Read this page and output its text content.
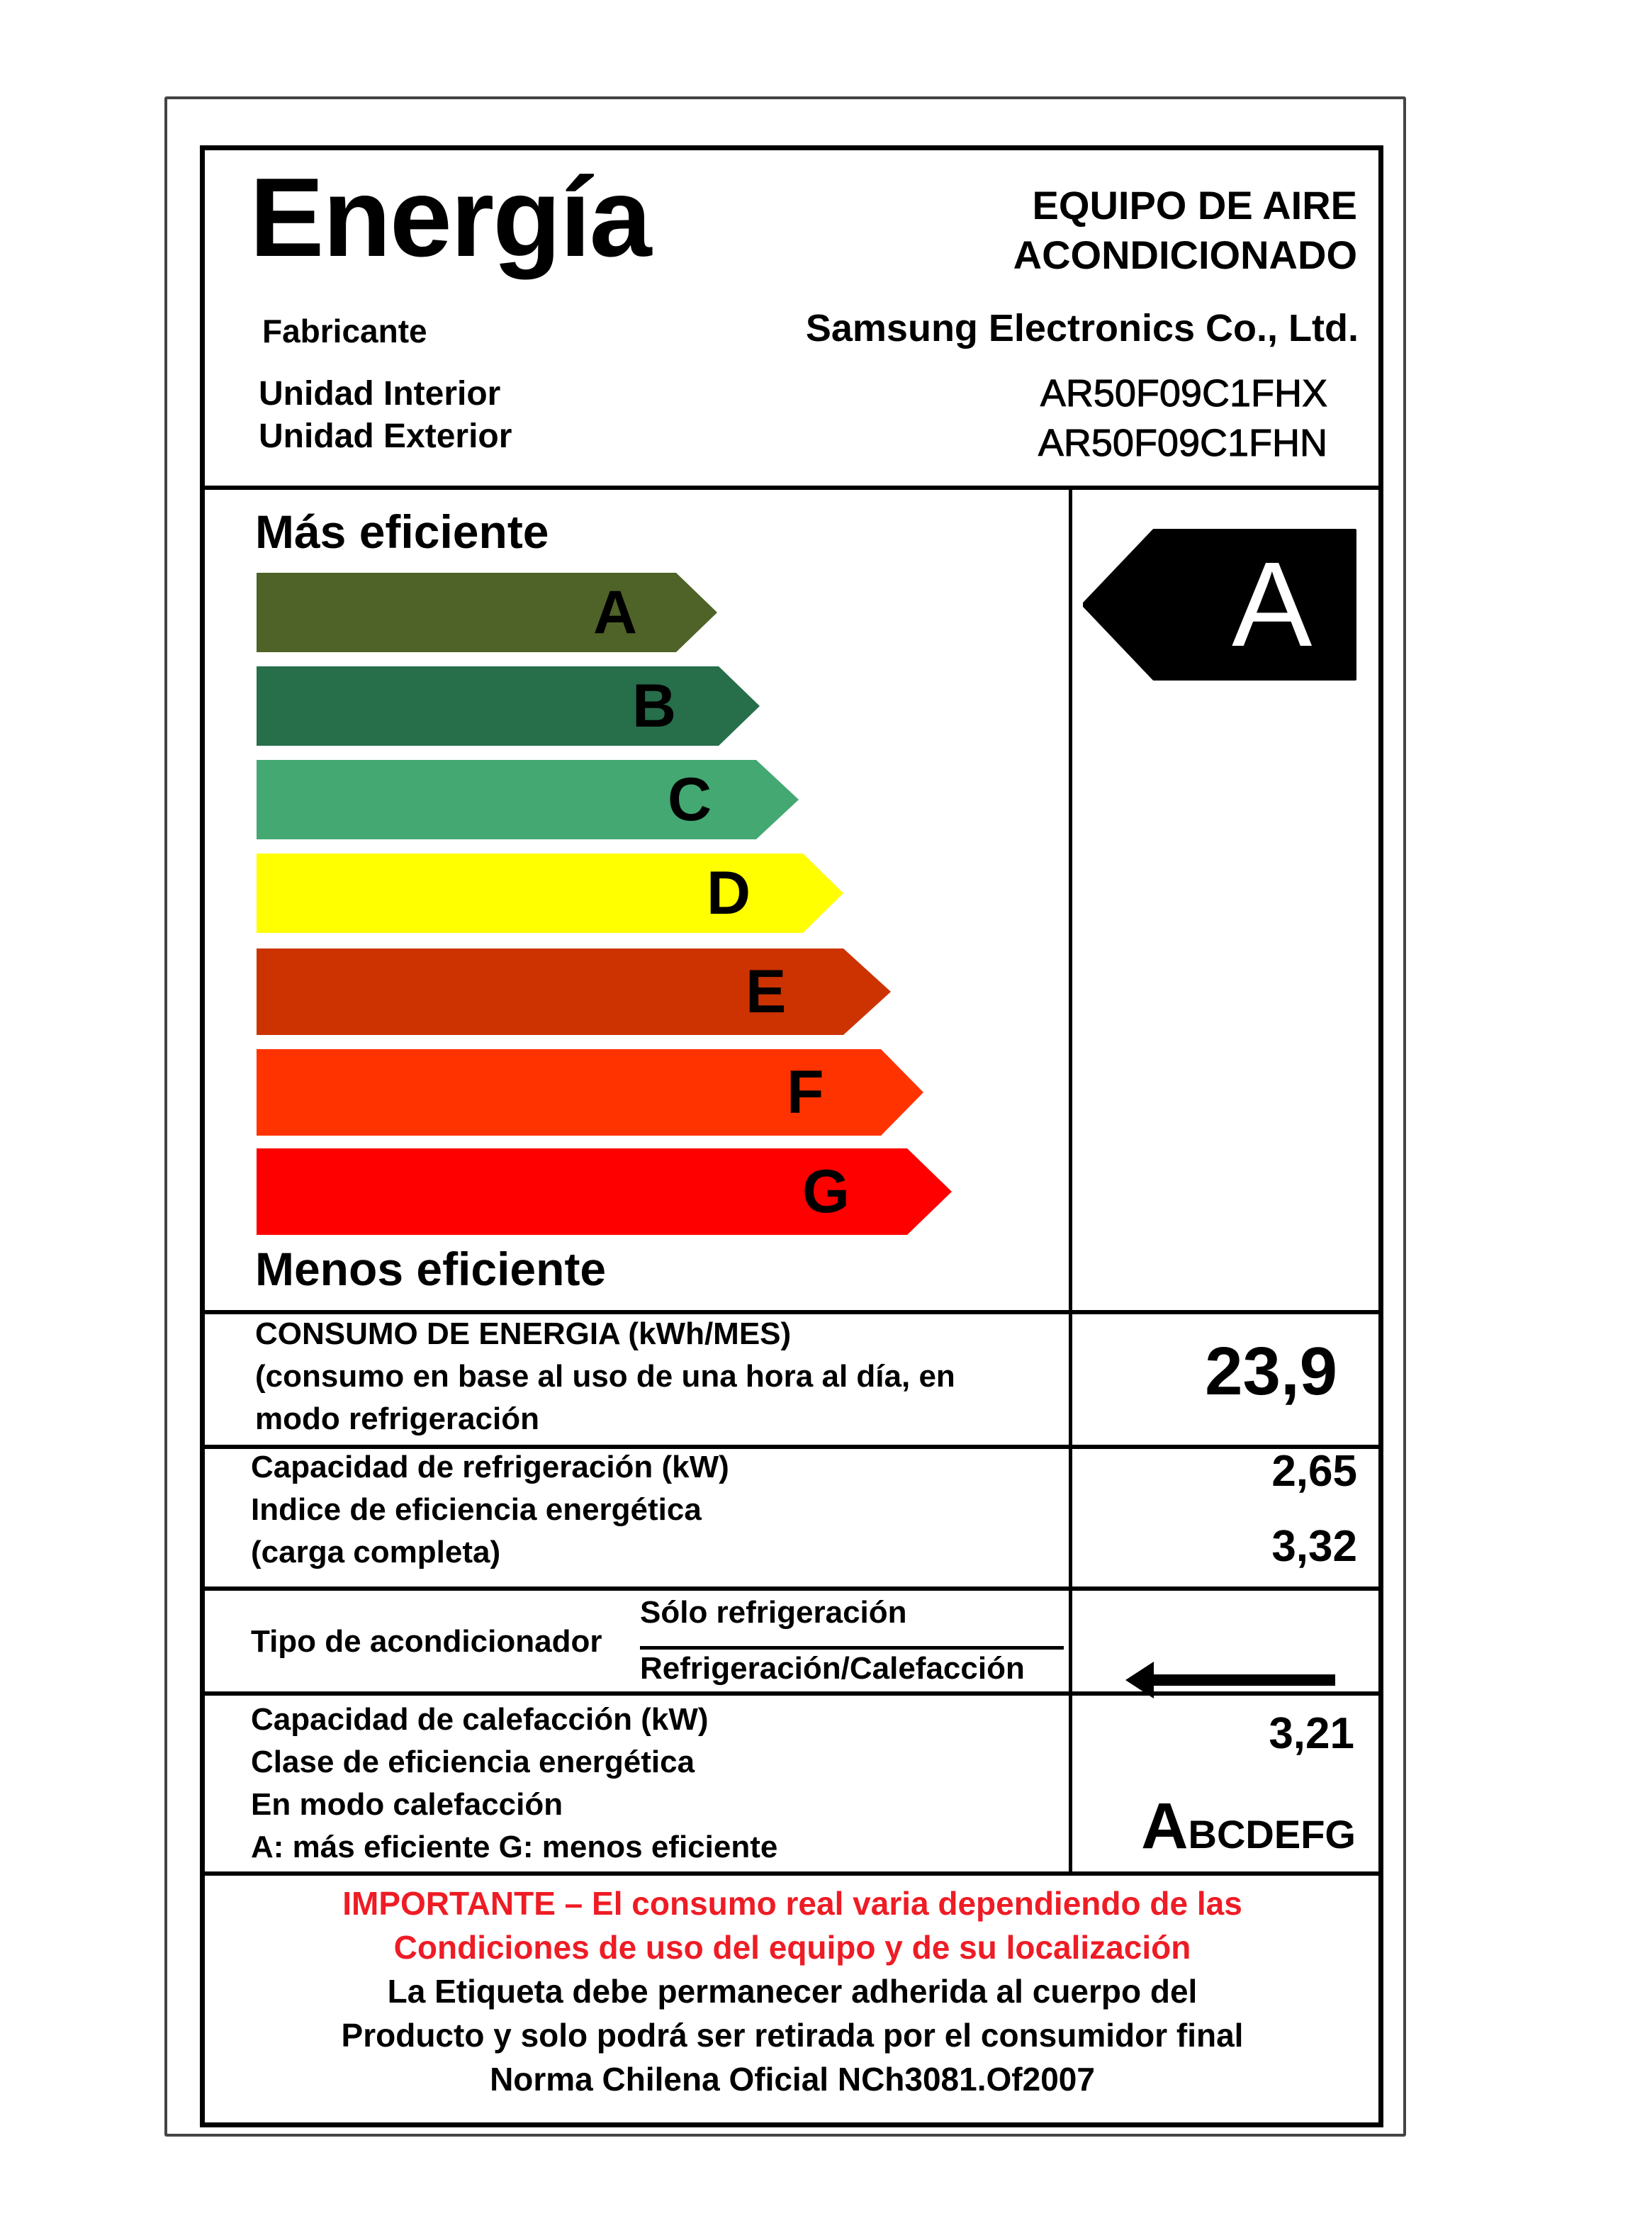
Energía	EQUIPO DE AIRE
ACONDICIONADO
Fabricante	Samsung Electronics Co., Ltd.
Unidad Interior
Unidad Exterior
AR50F09C1FHX
AR50F09C1FHN
Más eficiente
A
B
C
D
E
F
G
Menos eficiente
A
CONSUMO DE ENERGIA (kWh/MES)
(consumo en base al uso de una hora al día, en
modo refrigeración
23,9
Capacidad de refrigeración (kW)
Indice de eficiencia energética
(carga completa)
2,65
3,32
Tipo de acondicionador
Sólo refrigeración
Refrigeración/Calefacción
Capacidad de calefacción (kW)
Clase de eficiencia energética
En modo calefacción
A: más eficiente G: menos eficiente
3,21
ABCDEFG
IMPORTANTE – El consumo real varia dependiendo de las
Condiciones de uso del equipo y de su localización
La Etiqueta debe permanecer adherida al cuerpo del
Producto y solo podrá ser retirada por el consumidor final
Norma Chilena Oficial NCh3081.Of2007
